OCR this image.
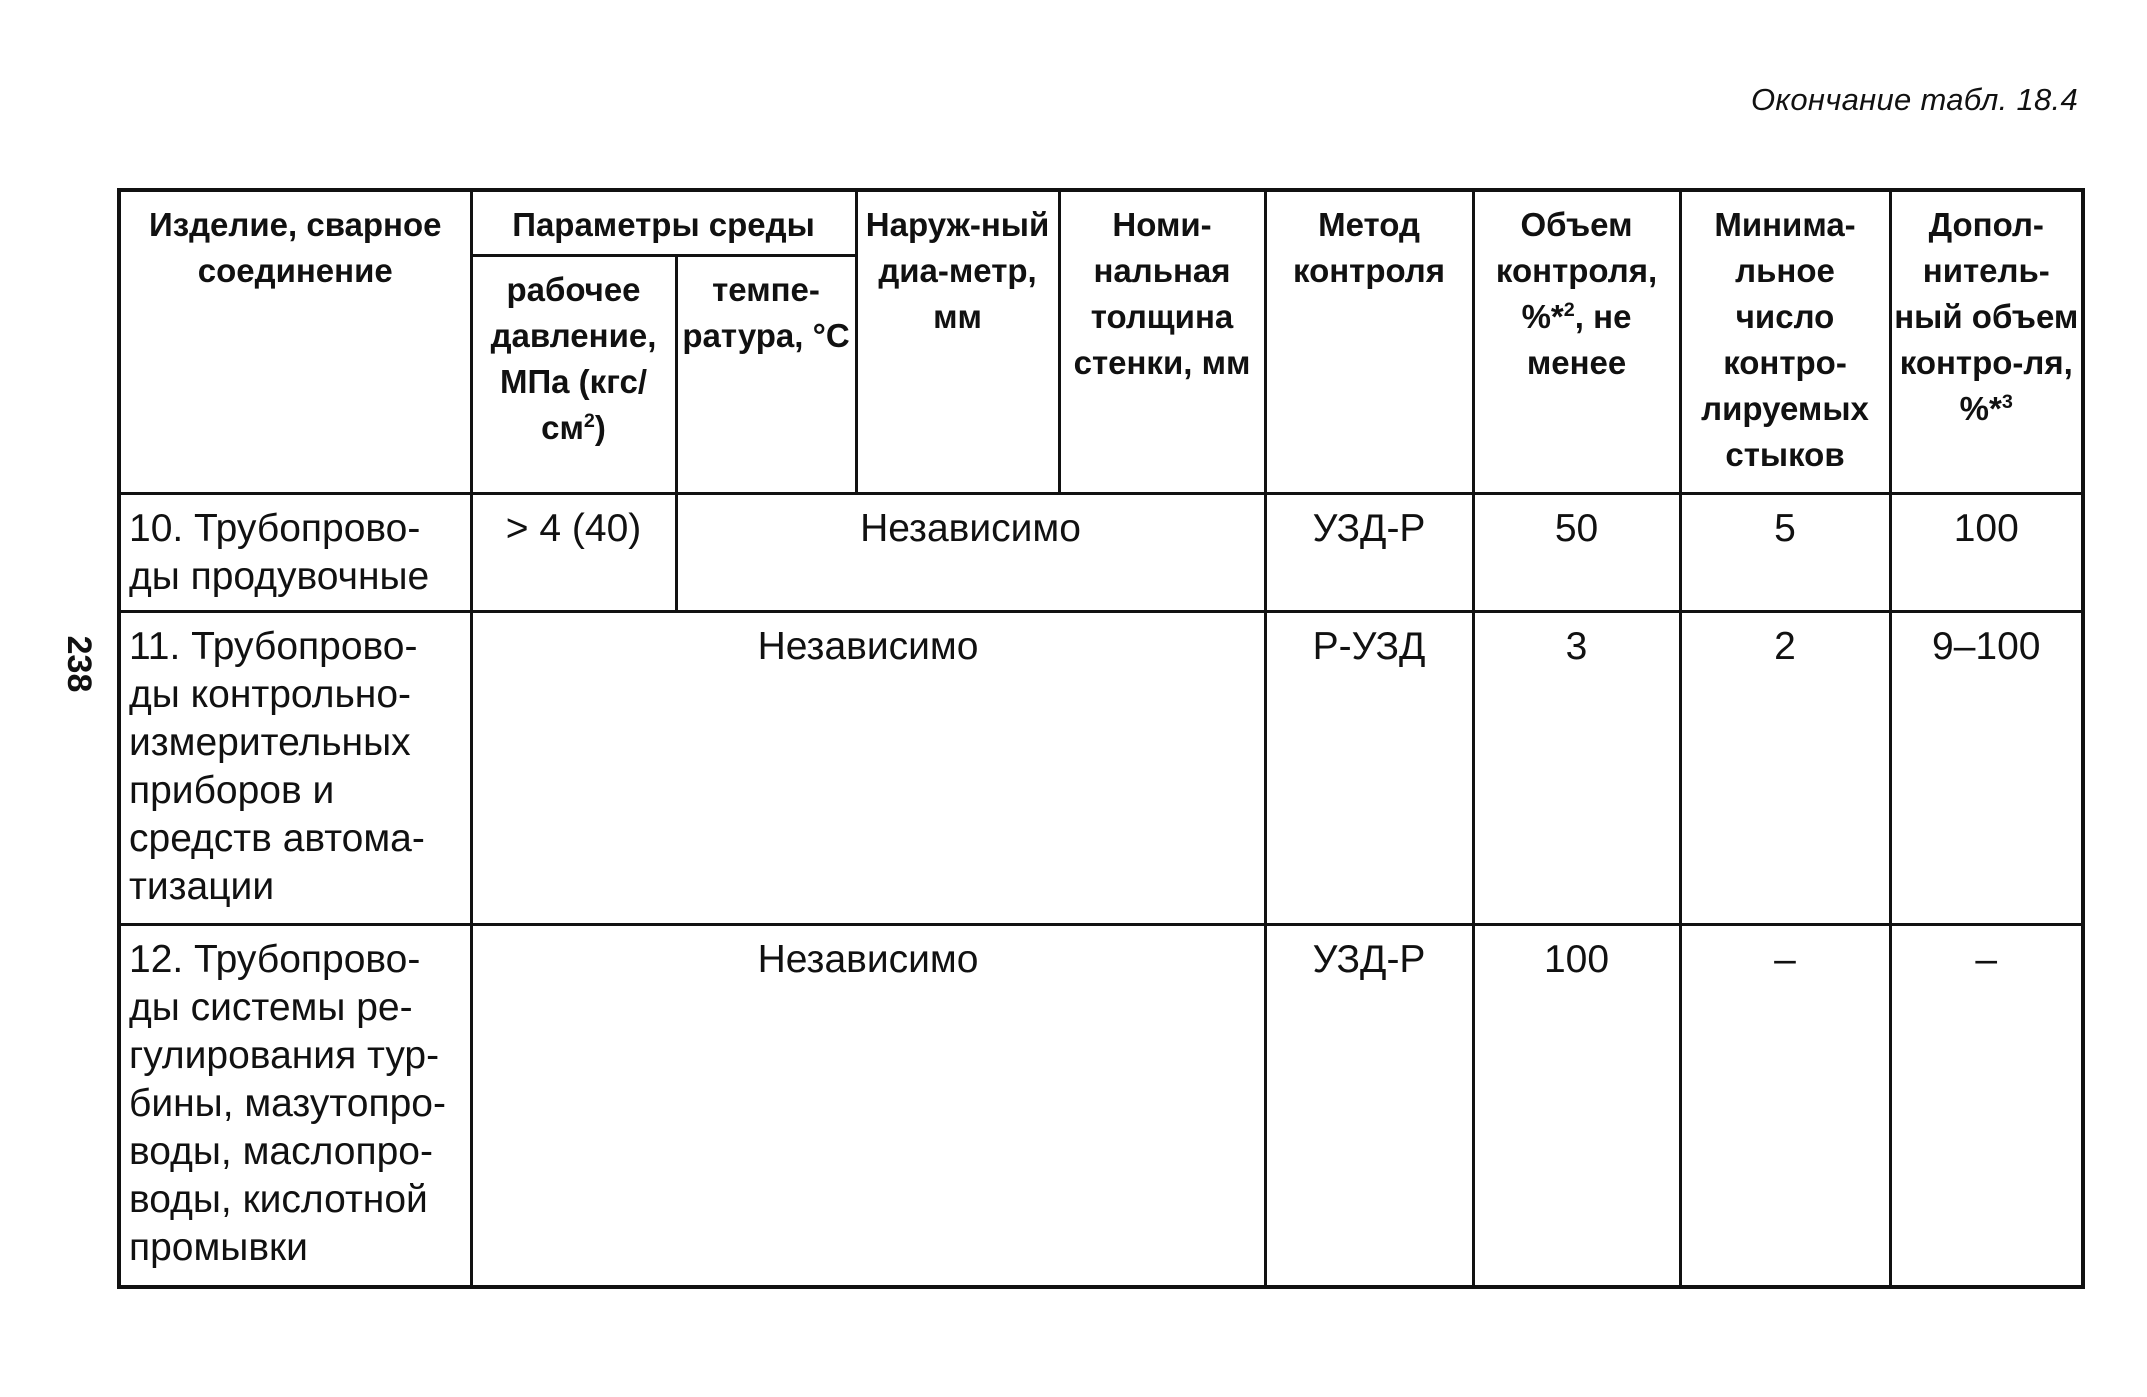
Окончание табл. 18.4
238
Изделие, сварное соединение	Параметры среды		Наруж-ный диа-метр, мм	Номи-нальная толщина стенки, мм	Метод контроля	Объем контроля, %*$^2$, не менее	Минима-льное число контро-лируемых стыков	Допол-нитель-ный объем контро-ля, %*$^3$
	рабочее давление, МПа $(кгс/см^2)$	темпе-ратура, °С						
10. Трубопрово-ды продувочные	> 4 (40)	Независимо			УЗД-Р	50	5	100
11. Трубопрово-ды контрольно-измерительных приборов и средств автома-тизации	Независимо				Р-УЗД	3	2	9–100
12. Трубопрово-ды системы ре-гулирования тур-бины, мазутопро-воды, маслопро-воды, кислотной промывки	Независимо				УЗД-Р	100	–	–
